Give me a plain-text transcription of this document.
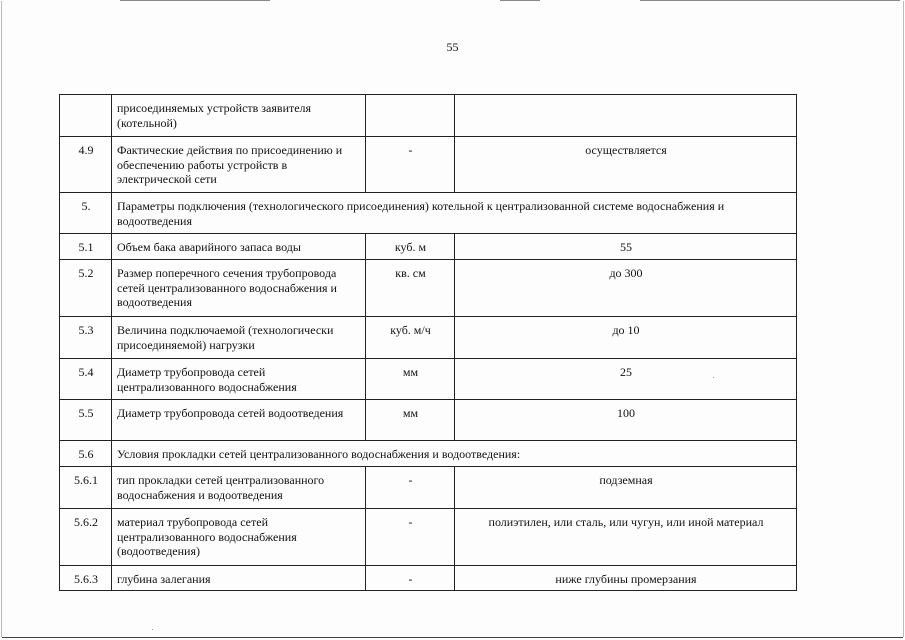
55

	присоединяемых устройств заявителя
(котельной)		

4.9	Фактические действия по присоединению и обеспечению работы устройств в электрической сети	-	осуществляется
5.	Параметры подключения (технологического присоединения) котельной к централизованной системе водоснабжения и водоотведения		
5.1	Объем бака аварийного запаса воды	куб. м	55
5.2	Размер поперечного сечения трубопровода сетей централизованного водоснабжения и водоотведения	кв. см	до 300
5.3	Величина подключаемой (технологически присоединяемой) нагрузки	куб. м/ч	до 10
5.4	Диаметр трубопровода сетей централизованного водоснабжения	мм	25
5.5	Диаметр трубопровода сетей водоотведения	мм	100
5.6	Условия прокладки сетей централизованного водоснабжения и водоотведения:		
5.6.1	тип прокладки сетей централизованного водоснабжения и водоотведения	-	подземная
5.6.2	материал трубопровода сетей централизованного водоснабжения (водоотведения)	-	полиэтилен, или сталь, или чугун, или иной материал
5.6.3	глубина залегания	-	ниже глубины промерзания
